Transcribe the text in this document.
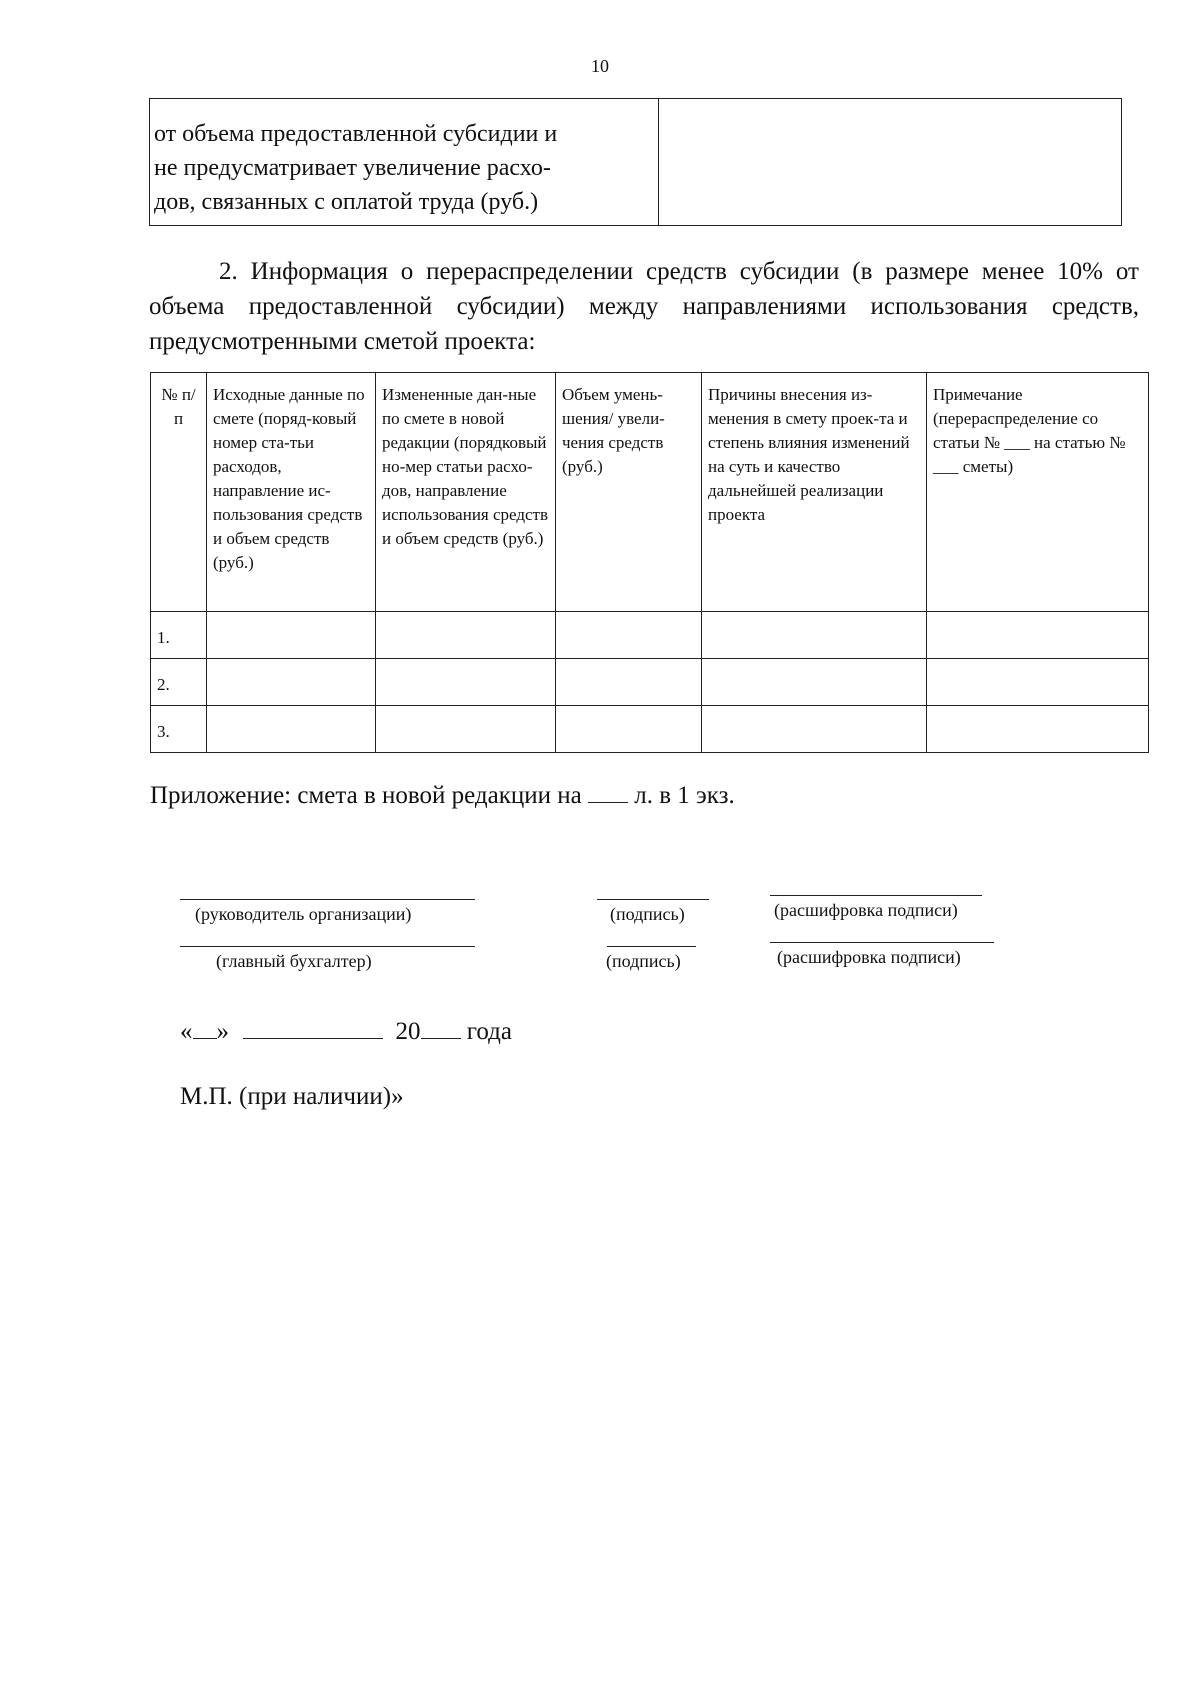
10
от объема предоставленной субсидии и
не предусматривает увеличение расхо-
дов, связанных с оплатой труда (руб.)

2. Информация о перераспределении средств субсидии (в размере менее 10% от объема предоставленной субсидии) между направлениями использования средств, предусмотренными сметой проекта:

№ п/п	Исходные данные по смете (поряд-ковый номер ста-тьи расходов, направление ис-пользования средств и объем средств (руб.)	Измененные дан-ные по смете в новой редакции (порядковый но-мер статьи расхо-дов, направление использования средств и объем средств (руб.)	Объем умень-шения/ увели-чения средств (руб.)	Причины внесения из-менения в смету проек-та и степень влияния изменений на суть и качество дальнейшей реализации проекта	Примечание (перераспределение со статьи № ___ на статью № ___ сметы)
1.					
2.					
3.					
Приложение: смета в новой редакции на л. в 1 экз.
(руководитель организации)	(подпись)	(расшифровка подписи)
(главный бухгалтер)	(подпись)	(расшифровка подписи)
« »	20 года
М.П. (при наличии)»
